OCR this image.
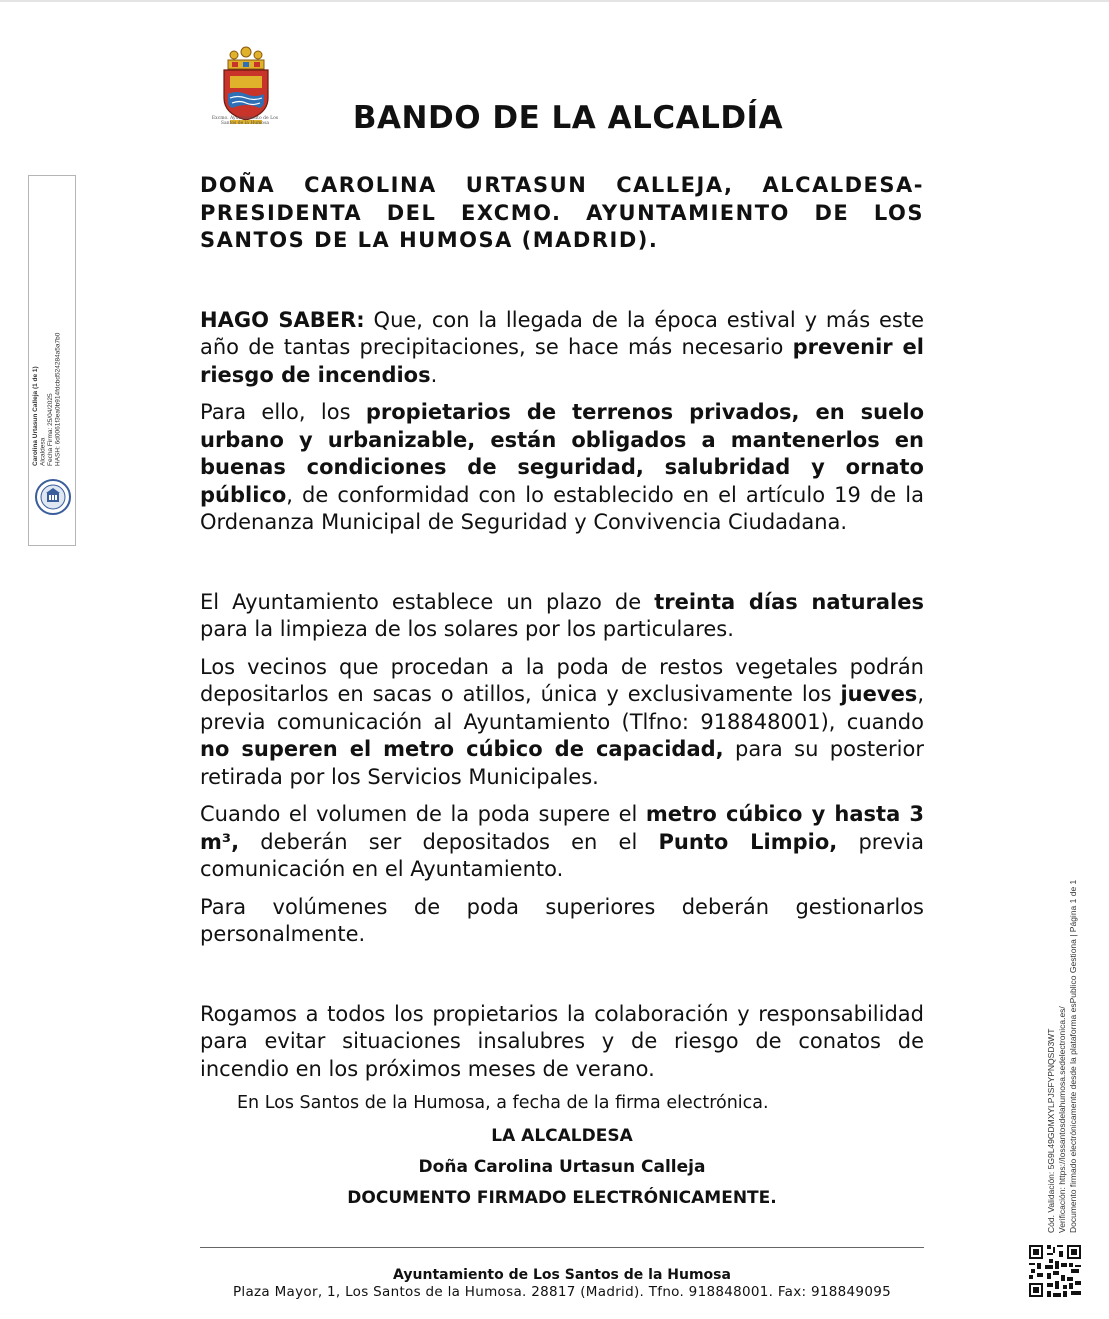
Excmo. Ayuntamiento de Los Santos de la Humosa	BANDO DE LA ALCALDÍA
Carolina Urtasun Calleja (1 de 1) Alcaldesa Fecha Firma: 25/04/2025 HASH: 6d0061f3ea0b914fdcbd524284a5a7b0

DOÑA CAROLINA URTASUN CALLEJA, ALCALDESA-PRESIDENTA DEL EXCMO. AYUNTAMIENTO DE LOS SANTOS DE LA HUMOSA (MADRID).

HAGO SABER: Que, con la llegada de la época estival y más este año de tantas precipitaciones, se hace más necesario prevenir el riesgo de incendios.

Para ello, los propietarios de terrenos privados, en suelo urbano y urbanizable, están obligados a mantenerlos en buenas condiciones de seguridad, salubridad y ornato público, de conformidad con lo establecido en el artículo 19 de la Ordenanza Municipal de Seguridad y Convivencia Ciudadana.

El Ayuntamiento establece un plazo de treinta días naturales para la limpieza de los solares por los particulares.

Los vecinos que procedan a la poda de restos vegetales podrán depositarlos en sacas o atillos, única y exclusivamente los jueves, previa comunicación al Ayuntamiento (Tlfno: 918848001), cuando no superen el metro cúbico de capacidad, para su posterior retirada por los Servicios Municipales.

Cuando el volumen de la poda supere el metro cúbico y hasta 3 m³, deberán ser depositados en el Punto Limpio, previa comunicación en el Ayuntamiento.

Para volúmenes de poda superiores deberán gestionarlos personalmente.

Rogamos a todos los propietarios la colaboración y responsabilidad para evitar situaciones insalubres y de riesgo de conatos de incendio en los próximos meses de verano.

En Los Santos de la Humosa, a fecha de la firma electrónica.

LA ALCALDESA

Doña Carolina Urtasun Calleja

DOCUMENTO FIRMADO ELECTRÓNICAMENTE.

Ayuntamiento de Los Santos de la Humosa
Plaza Mayor, 1, Los Santos de la Humosa. 28817 (Madrid). Tfno. 918848001. Fax: 918849095
Cód. Validación: 5G9L49GDMXYLPJSFYPNQSD3WT Verificación: https://lossantosdelahumosa.sedelectronica.es/ Documento firmado electrónicamente desde la plataforma esPublico Gestiona | Página 1 de 1
